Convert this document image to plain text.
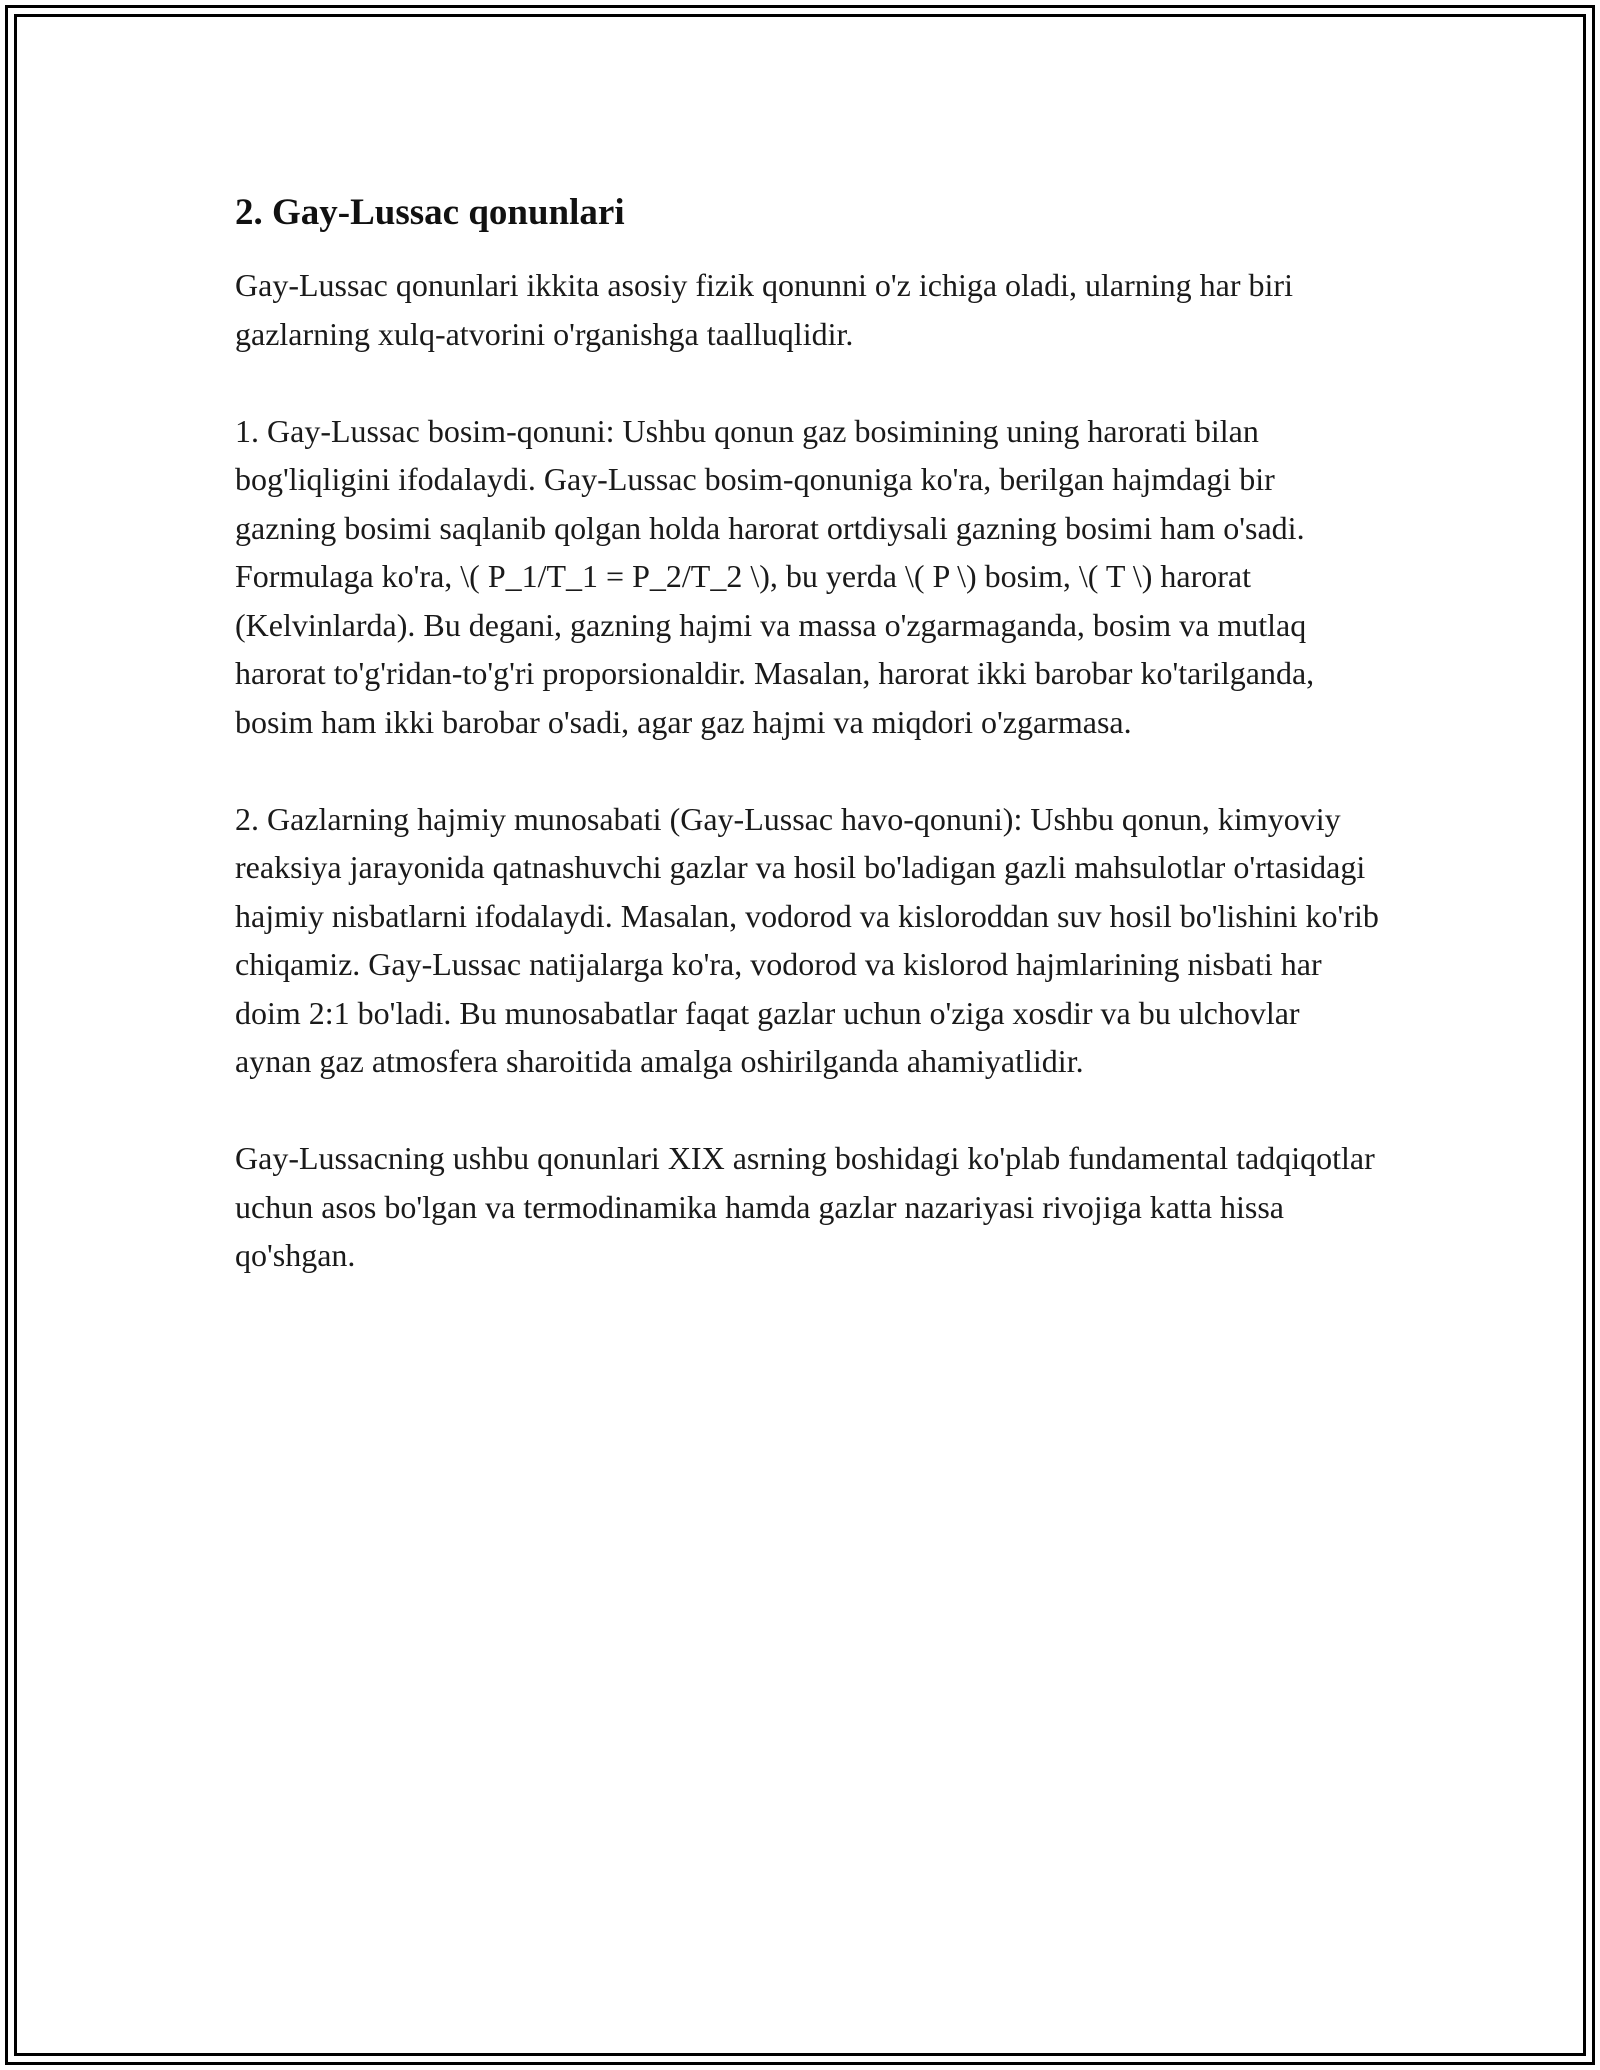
2. Gay-Lussac qonunlari

Gay-Lussac qonunlari ikkita asosiy fizik qonunni o'z ichiga oladi, ularning har biri gazlarning xulq-atvorini o'rganishga taalluqlidir.

1. Gay-Lussac bosim-qonuni: Ushbu qonun gaz bosimining uning harorati bilan bog'liqligini ifodalaydi. Gay-Lussac bosim-qonuniga ko'ra, berilgan hajmdagi bir gazning bosimi saqlanib qolgan holda harorat ortdiysali gazning bosimi ham o'sadi. Formulaga ko'ra, \( P_1/T_1 = P_2/T_2 \), bu yerda \( P \) bosim, \( T \) harorat (Kelvinlarda). Bu degani, gazning hajmi va massa o'zgarmaganda, bosim va mutlaq harorat to'g'ridan-to'g'ri proporsionaldir. Masalan, harorat ikki barobar ko'tarilganda, bosim ham ikki barobar o'sadi, agar gaz hajmi va miqdori o'zgarmasa.

2. Gazlarning hajmiy munosabati (Gay-Lussac havo-qonuni): Ushbu qonun, kimyoviy reaksiya jarayonida qatnashuvchi gazlar va hosil bo'ladigan gazli mahsulotlar o'rtasidagi hajmiy nisbatlarni ifodalaydi. Masalan, vodorod va kisloroddan suv hosil bo'lishini ko'rib chiqamiz. Gay-Lussac natijalarga ko'ra, vodorod va kislorod hajmlarining nisbati har doim 2:1 bo'ladi. Bu munosabatlar faqat gazlar uchun o'ziga xosdir va bu ulchovlar aynan gaz atmosfera sharoitida amalga oshirilganda ahamiyatlidir.

Gay-Lussacning ushbu qonunlari XIX asrning boshidagi ko'plab fundamental tadqiqotlar uchun asos bo'lgan va termodinamika hamda gazlar nazariyasi rivojiga katta hissa qo'shgan.
